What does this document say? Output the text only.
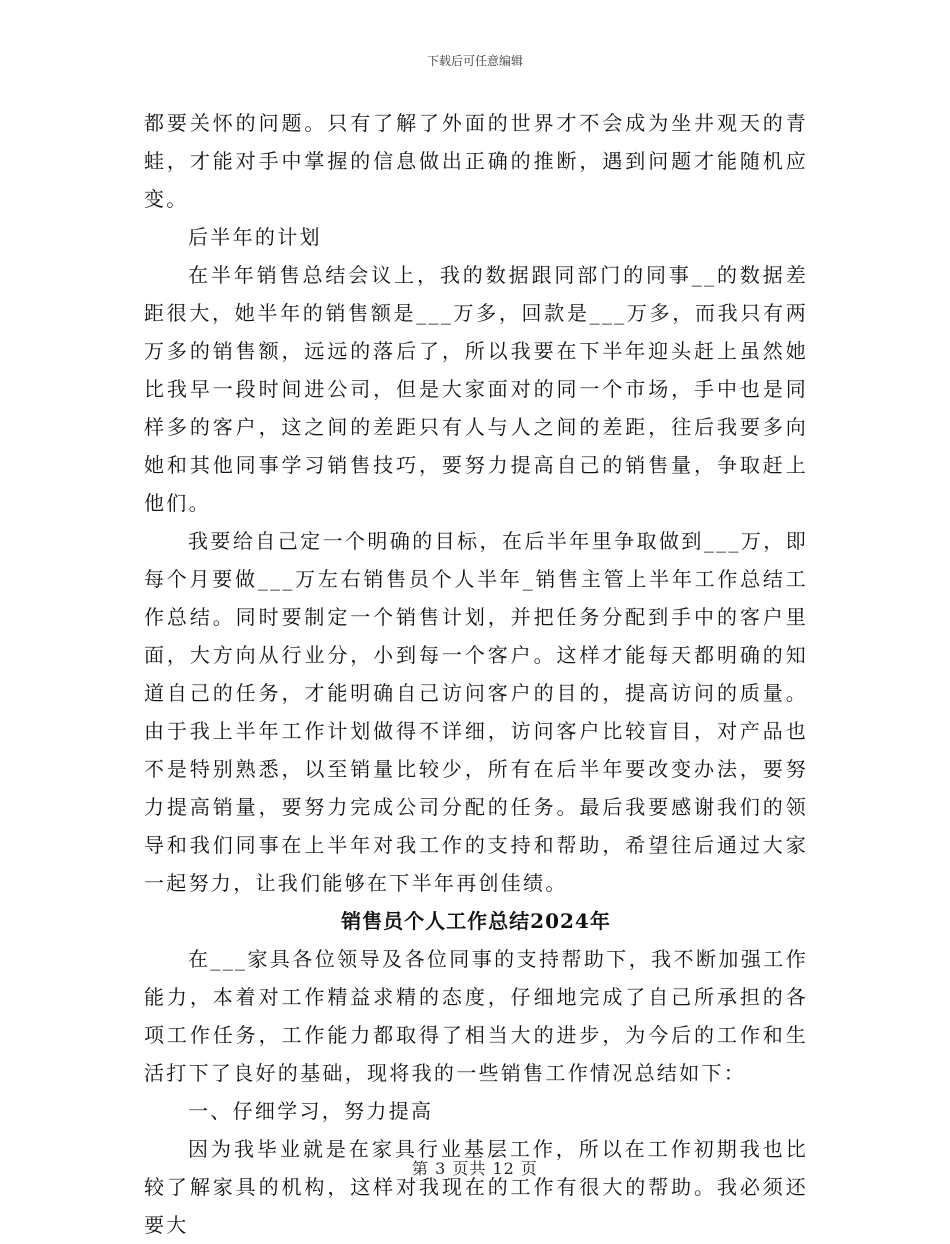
下载后可任意编辑

都要关怀的问题。只有了解了外面的世界才不会成为坐井观天的青蛙，才能对手中掌握的信息做出正确的推断，遇到问题才能随机应变。

后半年的计划

在半年销售总结会议上，我的数据跟同部门的同事__的数据差距很大，她半年的销售额是___万多，回款是___万多，而我只有两万多的销售额，远远的落后了，所以我要在下半年迎头赶上虽然她比我早一段时间进公司，但是大家面对的同一个市场，手中也是同样多的客户，这之间的差距只有人与人之间的差距，往后我要多向她和其他同事学习销售技巧，要努力提高自己的销售量，争取赶上他们。

我要给自己定一个明确的目标，在后半年里争取做到___万，即每个月要做___万左右销售员个人半年_销售主管上半年工作总结工作总结。同时要制定一个销售计划，并把任务分配到手中的客户里面，大方向从行业分，小到每一个客户。这样才能每天都明确的知道自己的任务，才能明确自己访问客户的目的，提高访问的质量。由于我上半年工作计划做得不详细，访问客户比较盲目，对产品也不是特别熟悉，以至销量比较少，所有在后半年要改变办法，要努力提高销量，要努力完成公司分配的任务。最后我要感谢我们的领导和我们同事在上半年对我工作的支持和帮助，希望往后通过大家一起努力，让我们能够在下半年再创佳绩。

销售员个人工作总结2024年

在___家具各位领导及各位同事的支持帮助下，我不断加强工作能力，本着对工作精益求精的态度，仔细地完成了自己所承担的各项工作任务，工作能力都取得了相当大的进步，为今后的工作和生活打下了良好的基础，现将我的一些销售工作情况总结如下：

一、仔细学习，努力提高

因为我毕业就是在家具行业基层工作，所以在工作初期我也比较了解家具的机构，这样对我现在的工作有很大的帮助。我必须还要大

第 3 页共 12 页
